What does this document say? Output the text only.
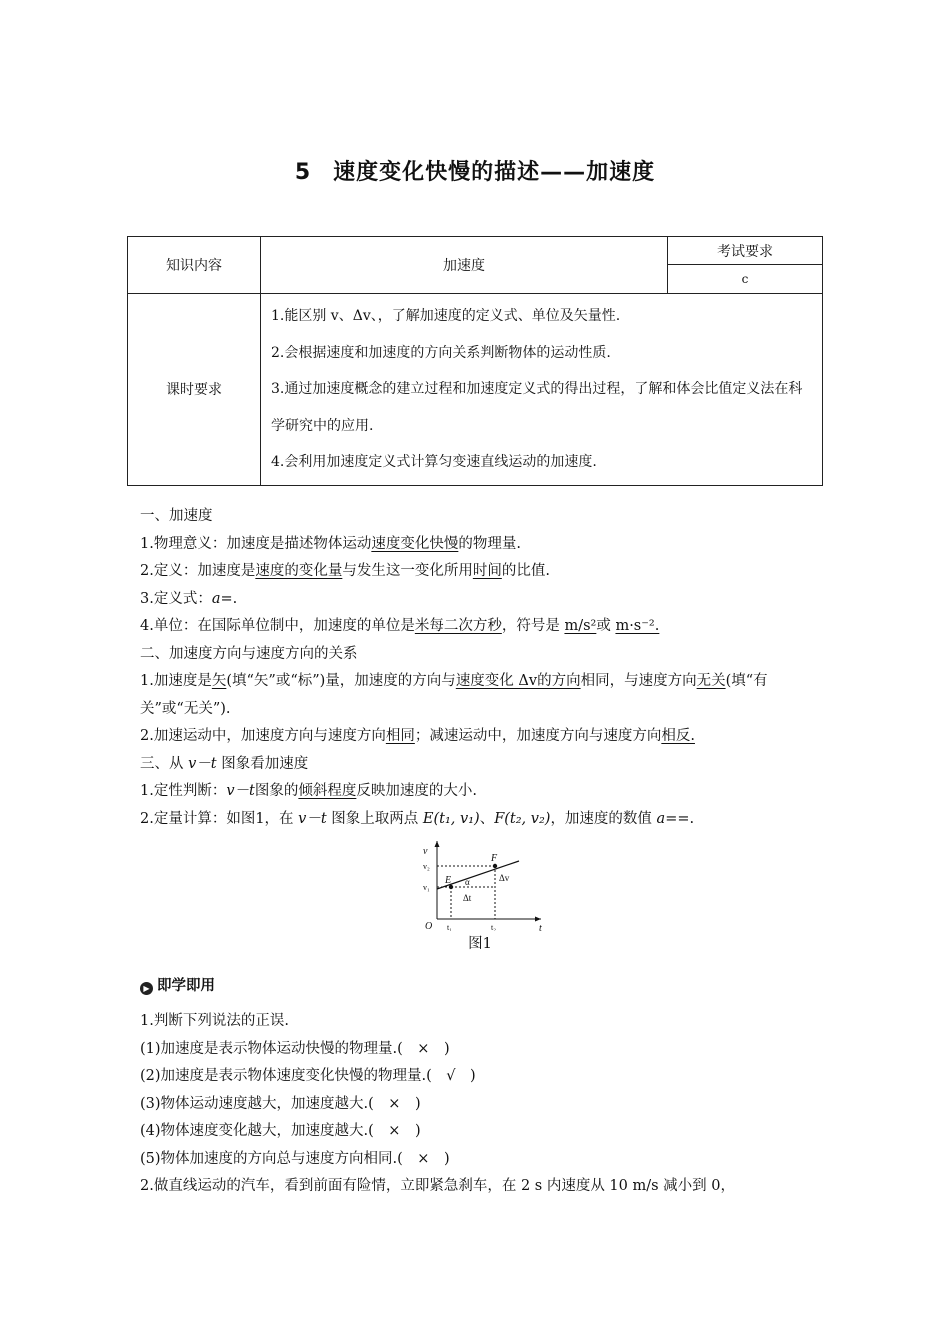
5 速度变化快慢的描述——加速度
知识内容	加速度	考试要求
		c
课时要求	1.能区别 v、Δv、，了解加速度的定义式、单位及矢量性.
2.会根据速度和加速度的方向关系判断物体的运动性质.
3.通过加速度概念的建立过程和加速度定义式的得出过程，了解和体会比值定义法在科学研究中的应用.
4.会利用加速度定义式计算匀变速直线运动的加速度.	

一、加速度

1.物理意义：加速度是描述物体运动速度变化快慢的物理量.

2.定义：加速度是速度的变化量与发生这一变化所用时间的比值.

3.定义式：a=.

4.单位：在国际单位制中，加速度的单位是米每二次方秒，符号是 m/s²或 m·s⁻².

二、加速度方向与速度方向的关系

1.加速度是矢(填“矢”或“标”)量，加速度的方向与速度变化 Δv的方向相同，与速度方向无关(填“有关”或“无关”).

2.加速运动中，加速度方向与速度方向相同；减速运动中，加速度方向与速度方向相反.

三、从 v－t 图象看加速度

1.定性判断：v－t图象的倾斜程度反映加速度的大小.

2.定量计算：如图1，在 v－t 图象上取两点 E(t₁, v₁)、F(t₂, v₂)，加速度的数值 a==.

v
t
O
v₁
v₂
t₁	t₂
E
F
α
Δt
Δv
图1

▶ 即学即用

1.判断下列说法的正误.

(1)加速度是表示物体运动快慢的物理量.(　×　)

(2)加速度是表示物体速度变化快慢的物理量.(　√　)

(3)物体运动速度越大，加速度越大.(　×　)

(4)物体速度变化越大，加速度越大.(　×　)

(5)物体加速度的方向总与速度方向相同.(　×　)

2.做直线运动的汽车，看到前面有险情，立即紧急刹车，在 2 s 内速度从 10 m/s 减小到 0，
